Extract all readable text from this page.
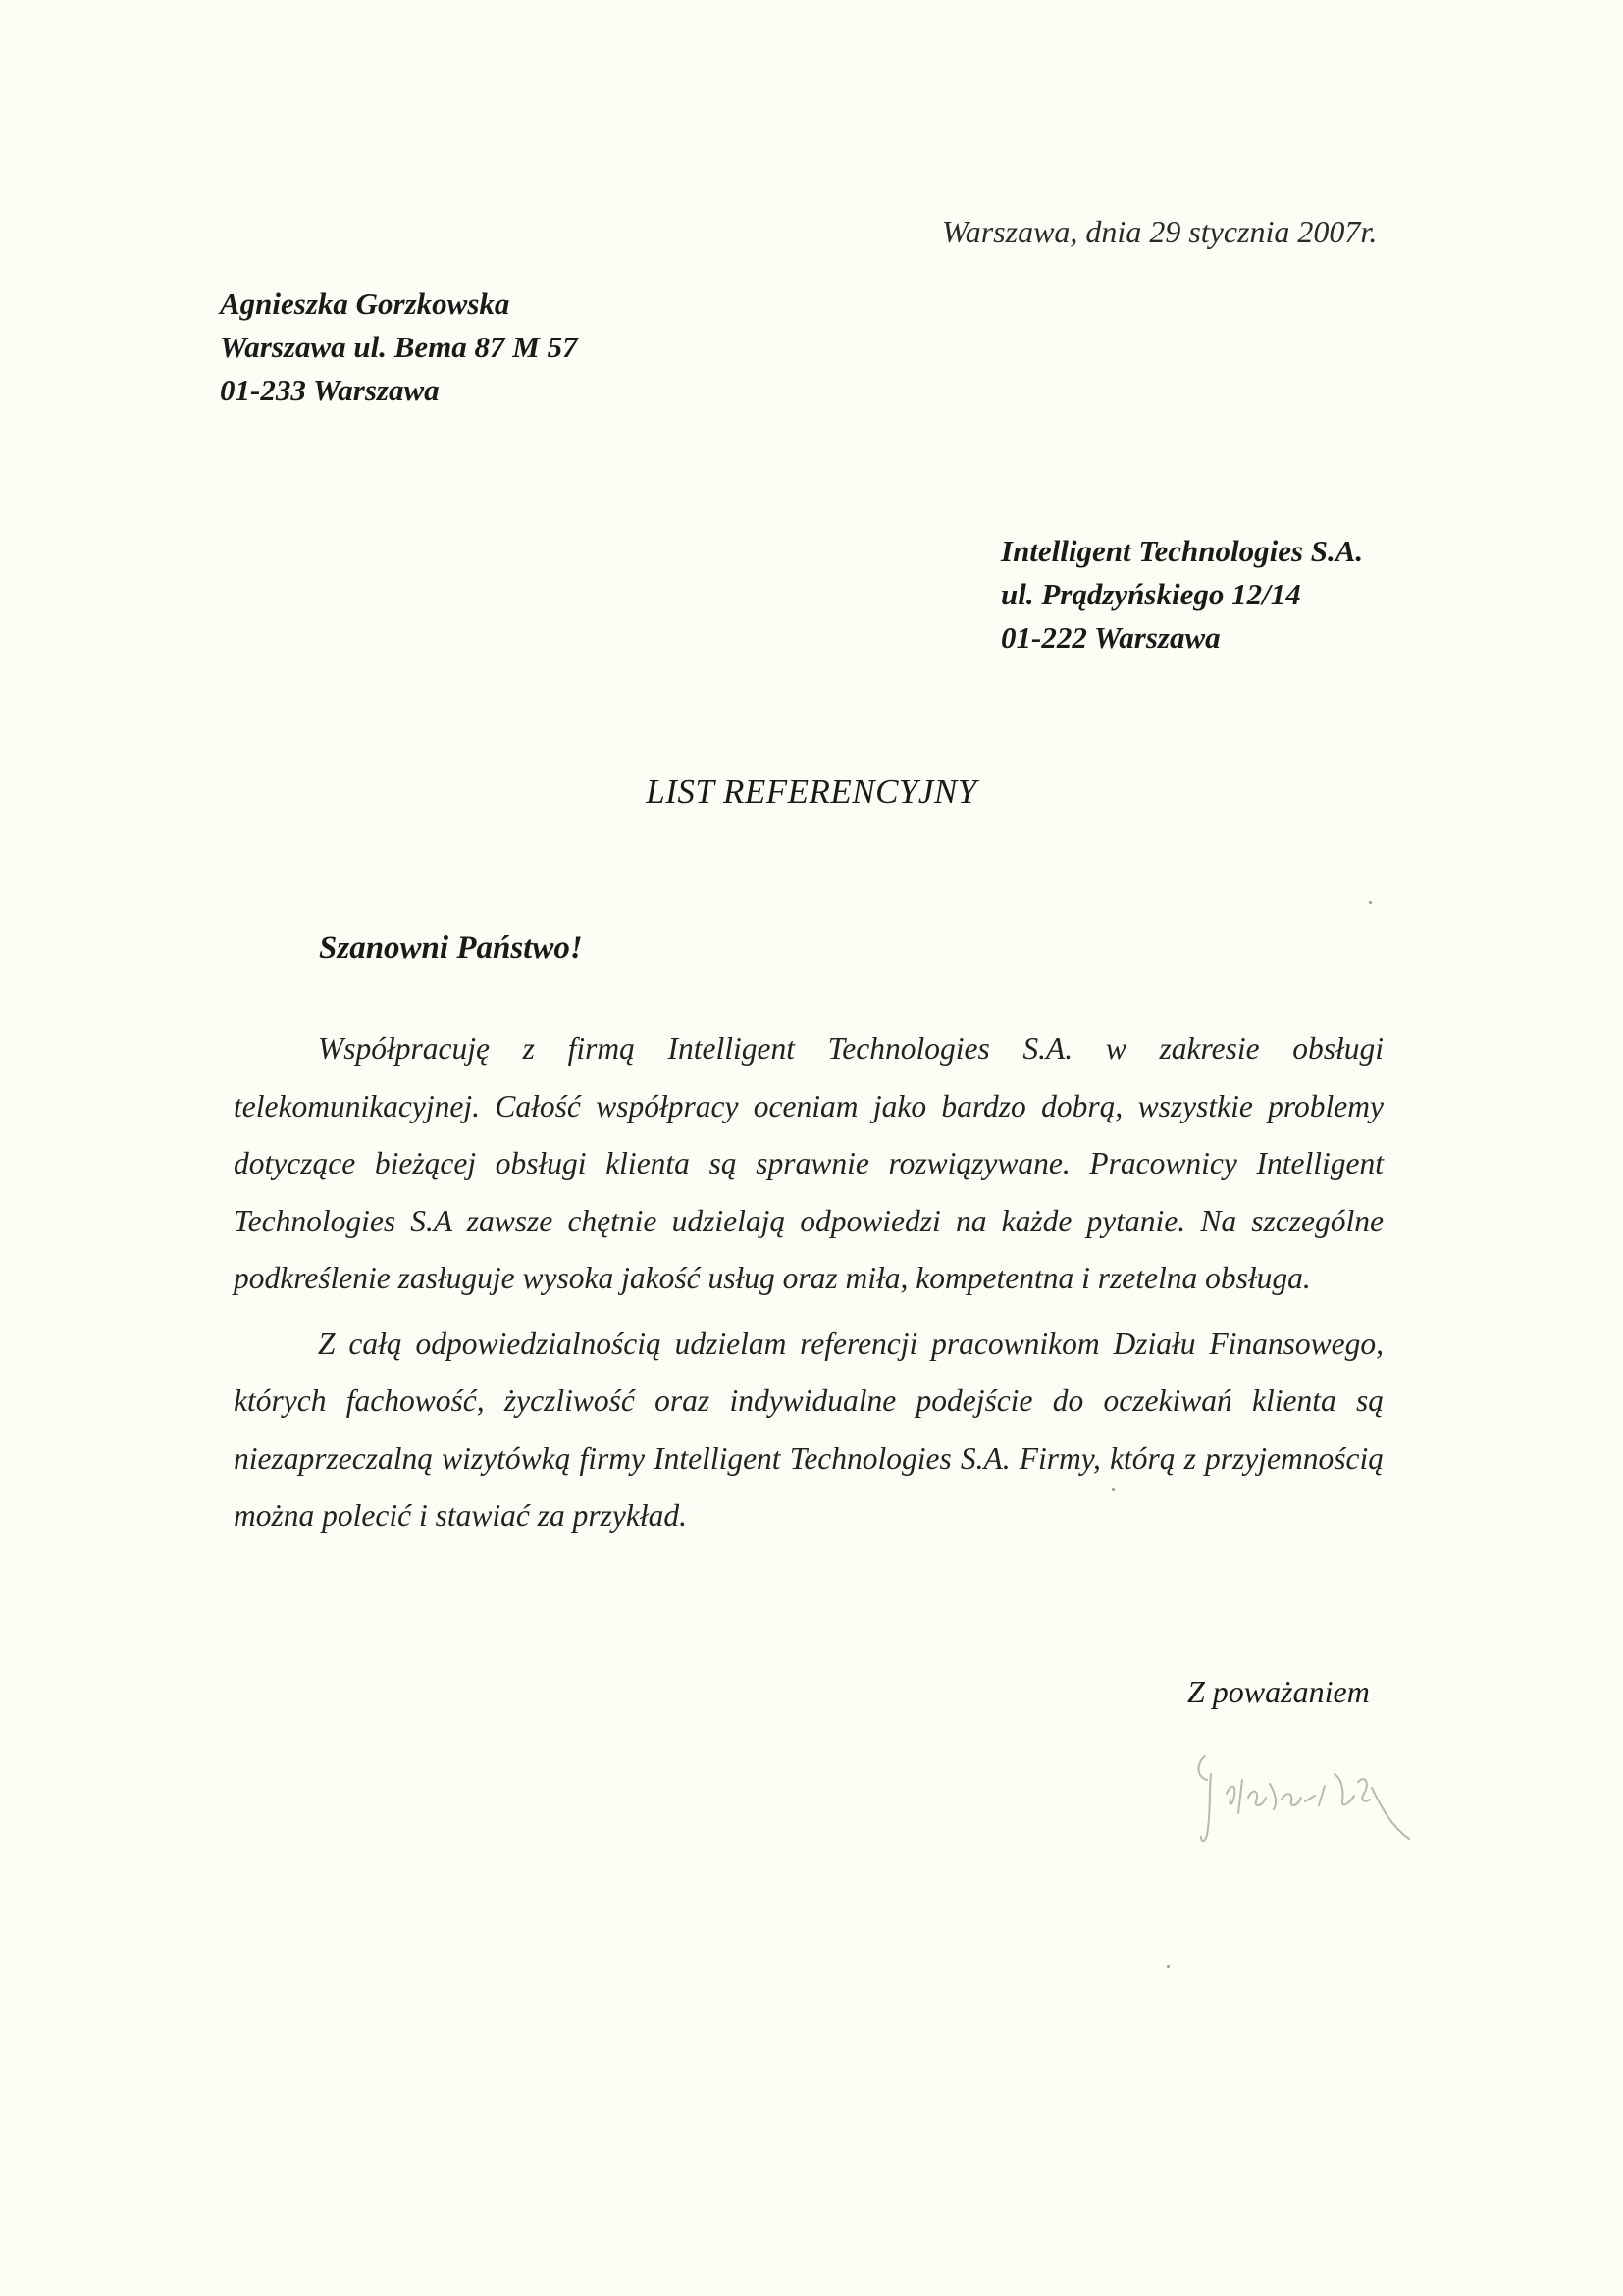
Warszawa, dnia 29 stycznia 2007r.
Agnieszka Gorzkowska
Warszawa ul. Bema 87 M 57
01-233 Warszawa
Intelligent Technologies S.A.
ul. Prądzyńskiego 12/14
01-222 Warszawa
LIST REFERENCYJNY
Szanowni Państwo!

Współpracuję z firmą Intelligent Technologies S.A. w zakresie obsługi telekomunikacyjnej. Całość współpracy oceniam jako bardzo dobrą, wszystkie problemy dotyczące bieżącej obsługi klienta są sprawnie rozwiązywane. Pracownicy Intelligent Technologies S.A zawsze chętnie udzielają odpowiedzi na każde pytanie. Na szczególne podkreślenie zasługuje wysoka jakość usług oraz miła, kompetentna i rzetelna obsługa.

Z całą odpowiedzialnością udzielam referencji pracownikom Działu Finansowego, których fachowość, życzliwość oraz indywidualne podejście do oczekiwań klienta są niezaprzeczalną wizytówką firmy Intelligent Technologies S.A. Firmy, którą z przyjemnością można polecić i stawiać za przykład.

Z poważaniem
